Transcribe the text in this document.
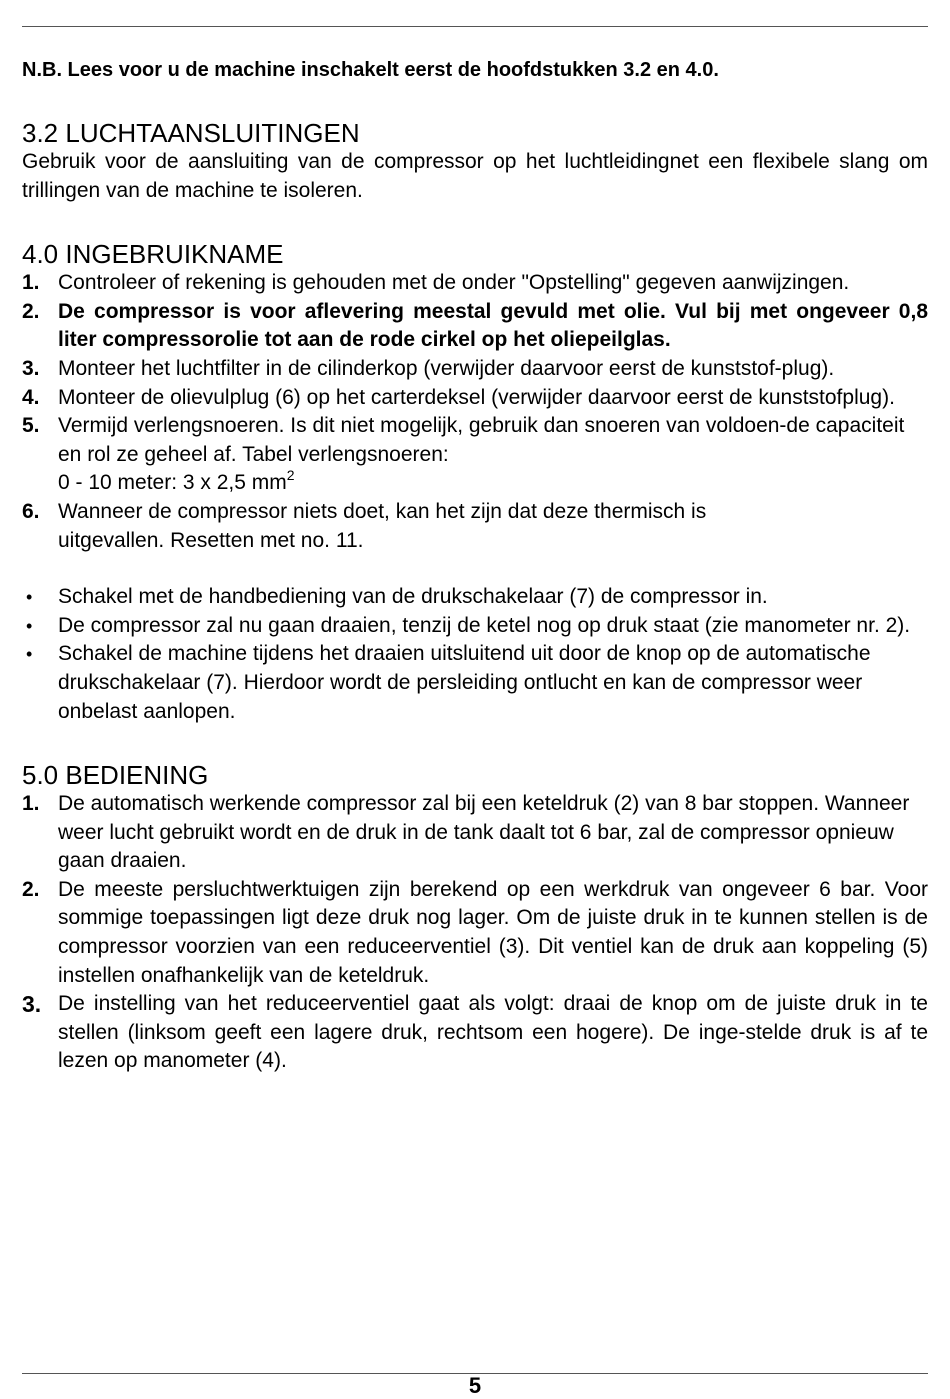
N.B. Lees voor u de machine inschakelt eerst de hoofdstukken 3.2 en 4.0.

3.2 LUCHTAANSLUITINGEN
Gebruik voor de aansluiting van de compressor op het luchtleidingnet een flexibele slang om trillingen van de machine te isoleren.
4.0 INGEBRUIKNAME
1. Controleer of rekening is gehouden met de onder "Opstelling" gegeven aanwijzingen.
2. De compressor is voor aflevering meestal gevuld met olie. Vul bij met ongeveer 0,8 liter compressorolie tot aan de rode cirkel op het oliepeilglas.
3. Monteer het luchtfilter in de cilinderkop (verwijder daarvoor eerst de kunststof-plug).
4. Monteer de olievulplug (6) op het carterdeksel (verwijder daarvoor eerst de kunststofplug).
5. Vermijd verlengsnoeren. Is dit niet mogelijk, gebruik dan snoeren van voldoen-de capaciteit en rol ze geheel af. Tabel verlengsnoeren:
0 - 10 meter: 3 x 2,5 $mm^2$
6. Wanneer de compressor niets doet, kan het zijn dat deze thermisch is uitgevallen. Resetten met no. 11.
• Schakel met de handbediening van de drukschakelaar (7) de compressor in.
• De compressor zal nu gaan draaien, tenzij de ketel nog op druk staat (zie manometer nr. 2).
• Schakel de machine tijdens het draaien uitsluitend uit door de knop op de automatische drukschakelaar (7). Hierdoor wordt de persleiding ontlucht en kan de compressor weer onbelast aanlopen.
5.0 BEDIENING
1. De automatisch werkende compressor zal bij een keteldruk (2) van 8 bar stoppen. Wanneer weer lucht gebruikt wordt en de druk in de tank daalt tot 6 bar, zal de compressor opnieuw gaan draaien.
2. De meeste persluchtwerktuigen zijn berekend op een werkdruk van ongeveer 6 bar. Voor sommige toepassingen ligt deze druk nog lager. Om de juiste druk in te kunnen stellen is de compressor voorzien van een reduceerventiel (3). Dit ventiel kan de druk aan koppeling (5) instellen onafhankelijk van de keteldruk.
3. De instelling van het reduceerventiel gaat als volgt: draai de knop om de juiste druk in te stellen (linksom geeft een lagere druk, rechtsom een hogere). De inge-stelde druk is af te lezen op manometer (4).
5
